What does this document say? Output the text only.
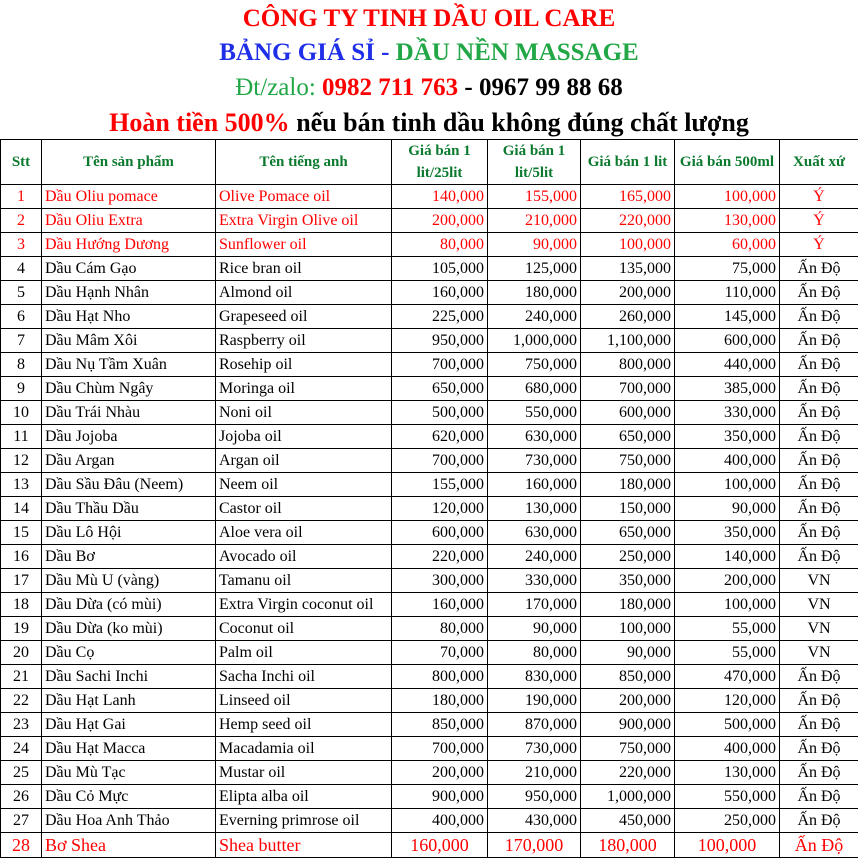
CÔNG TY TINH DẦU OIL CARE
BẢNG GIÁ SỈ - DẦU NỀN MASSAGE
Đt/zalo: 0982 711 763 - 0967 99 88 68
Hoàn tiền 500% nếu bán tinh dầu không đúng chất lượng
Stt	Tên sản phẩm	Tên tiếng anh	Giá bán 1 lit/25lit	Giá bán 1 lit/5lit	Giá bán 1 lit	Giá bán 500ml	Xuất xứ
1	Dầu Oliu pomace	Olive Pomace oil	140,000	155,000	165,000	100,000	Ý
2	Dầu Oliu Extra	Extra Virgin Olive oil	200,000	210,000	220,000	130,000	Ý
3	Dầu Hướng Dương	Sunflower oil	80,000	90,000	100,000	60,000	Ý
4	Dầu Cám Gạo	Rice bran oil	105,000	125,000	135,000	75,000	Ấn Độ
5	Dầu Hạnh Nhân	Almond oil	160,000	180,000	200,000	110,000	Ấn Độ
6	Dầu Hạt Nho	Grapeseed oil	225,000	240,000	260,000	145,000	Ấn Độ
7	Dầu Mâm Xôi	Raspberry oil	950,000	1,000,000	1,100,000	600,000	Ấn Độ
8	Dầu Nụ Tầm Xuân	Rosehip oil	700,000	750,000	800,000	440,000	Ấn Độ
9	Dầu Chùm Ngây	Moringa oil	650,000	680,000	700,000	385,000	Ấn Độ
10	Dầu Trái Nhàu	Noni oil	500,000	550,000	600,000	330,000	Ấn Độ
11	Dầu Jojoba	Jojoba oil	620,000	630,000	650,000	350,000	Ấn Độ
12	Dầu Argan	Argan oil	700,000	730,000	750,000	400,000	Ấn Độ
13	Dầu Sầu Đâu (Neem)	Neem oil	155,000	160,000	180,000	100,000	Ấn Độ
14	Dầu Thầu Dầu	Castor oil	120,000	130,000	150,000	90,000	Ấn Độ
15	Dầu Lô Hội	Aloe vera oil	600,000	630,000	650,000	350,000	Ấn Độ
16	Dầu Bơ	Avocado oil	220,000	240,000	250,000	140,000	Ấn Độ
17	Dầu Mù U (vàng)	Tamanu oil	300,000	330,000	350,000	200,000	VN
18	Dầu Dừa (có mùi)	Extra Virgin coconut oil	160,000	170,000	180,000	100,000	VN
19	Dầu Dừa (ko mùi)	Coconut oil	80,000	90,000	100,000	55,000	VN
20	Dầu Cọ	Palm oil	70,000	80,000	90,000	55,000	VN
21	Dầu Sachi Inchi	Sacha Inchi oil	800,000	830,000	850,000	470,000	Ấn Độ
22	Dầu Hạt Lanh	Linseed oil	180,000	190,000	200,000	120,000	Ấn Độ
23	Dầu Hạt Gai	Hemp seed oil	850,000	870,000	900,000	500,000	Ấn Độ
24	Dầu Hạt Macca	Macadamia oil	700,000	730,000	750,000	400,000	Ấn Độ
25	Dầu Mù Tạc	Mustar oil	200,000	210,000	220,000	130,000	Ấn Độ
26	Dầu Cỏ Mực	Elipta alba oil	900,000	950,000	1,000,000	550,000	Ấn Độ
27	Dầu Hoa Anh Thảo	Everning primrose oil	400,000	430,000	450,000	250,000	Ấn Độ
28	Bơ Shea	Shea butter	160,000	170,000	180,000	100,000	Ấn Độ
